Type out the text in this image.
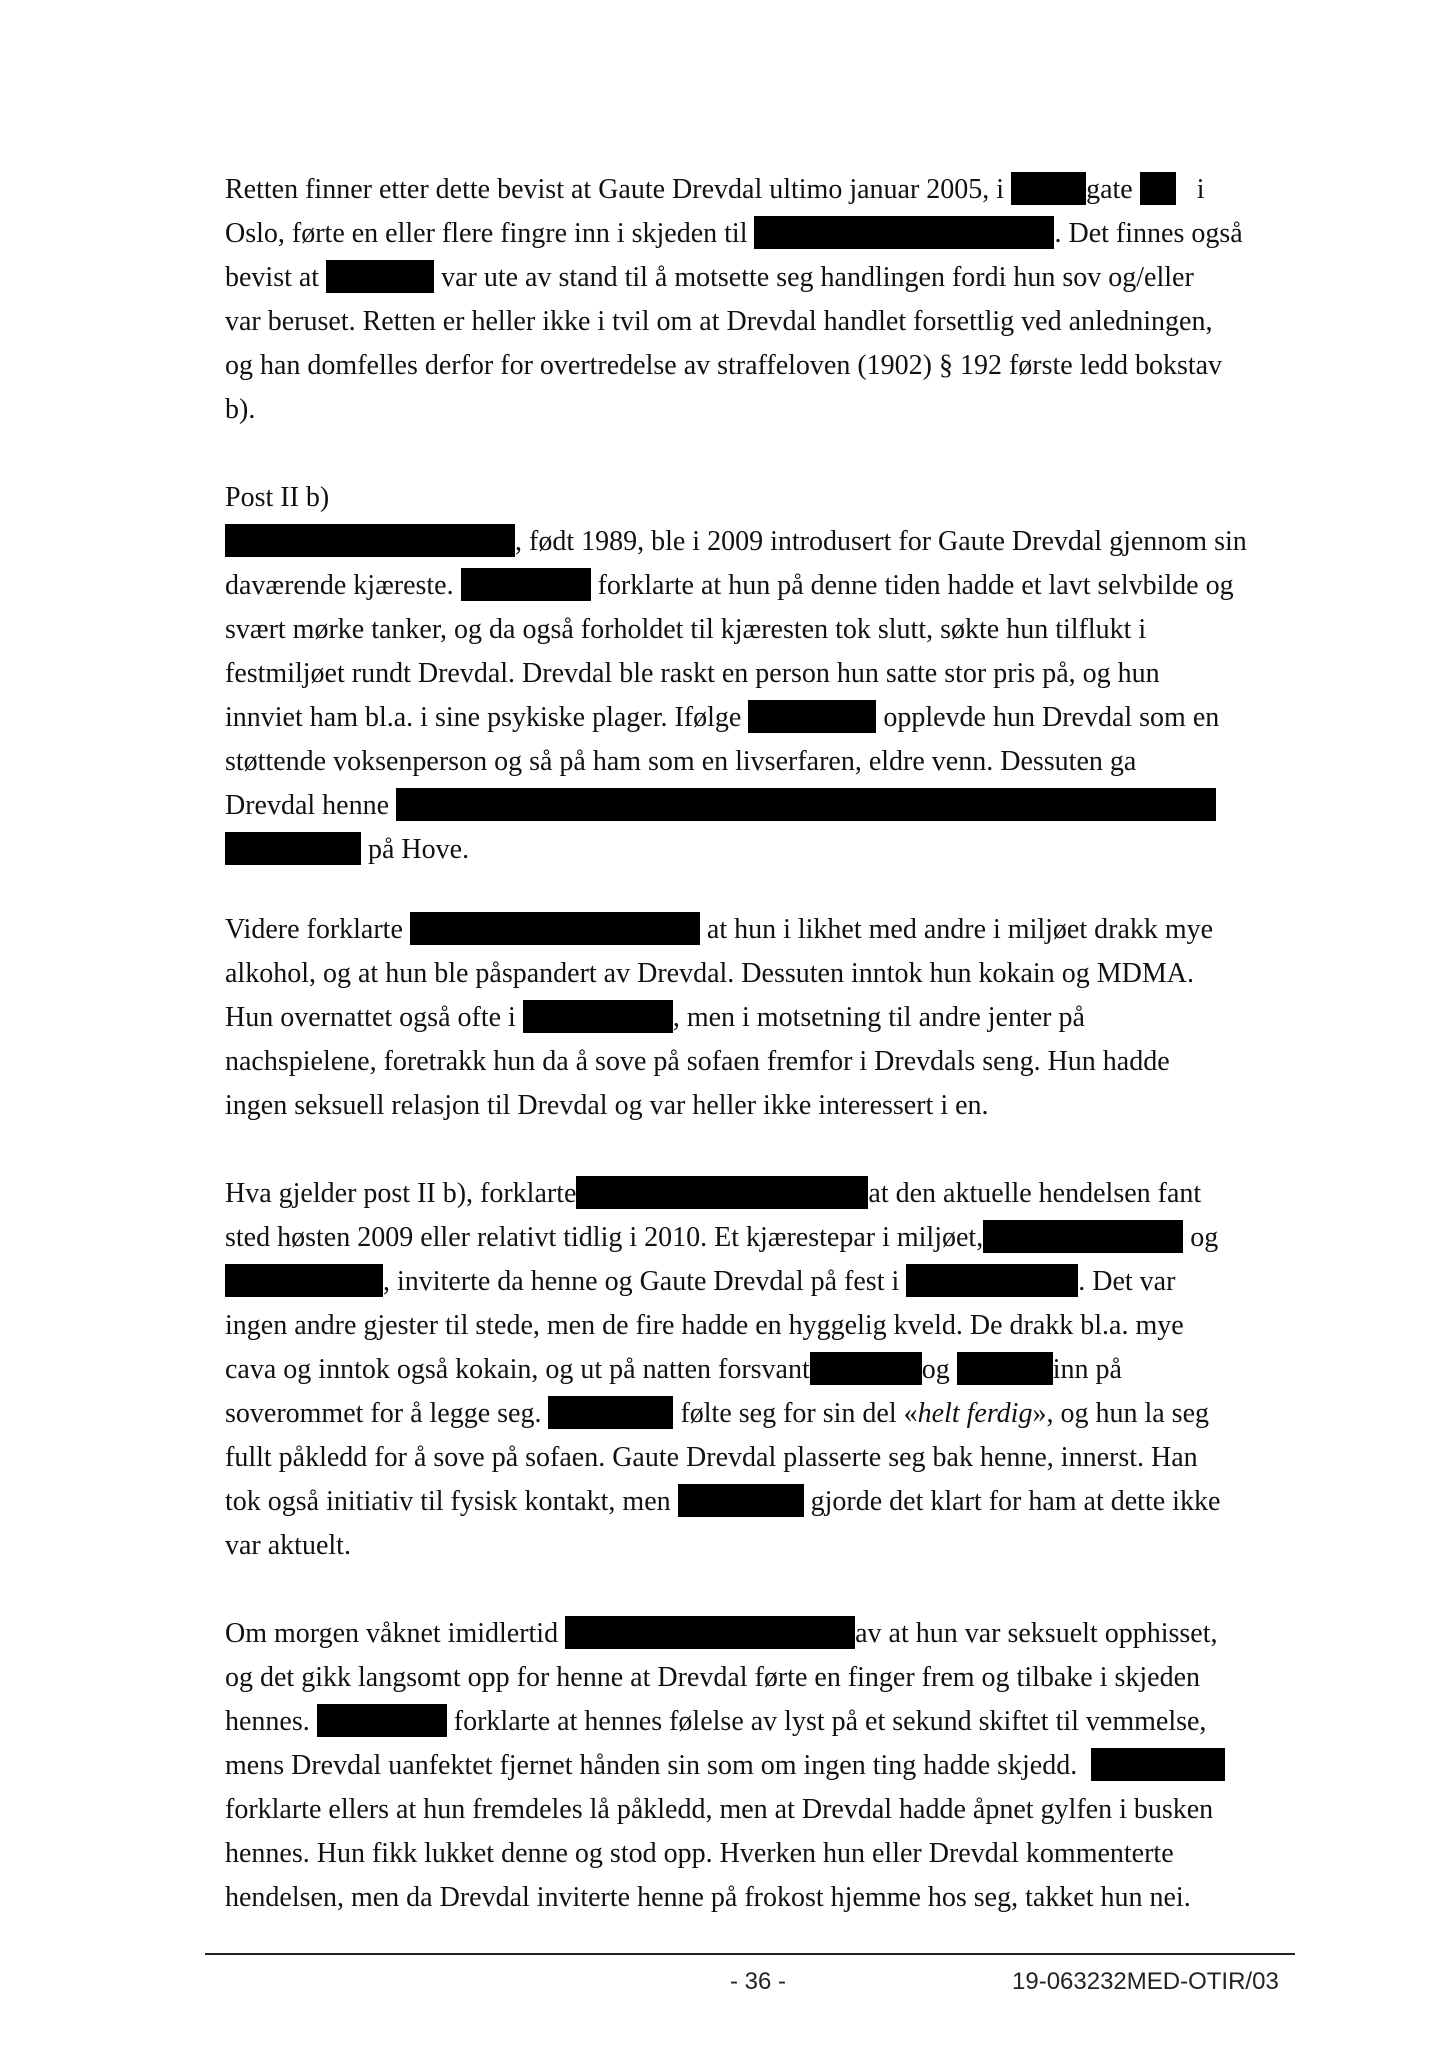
Retten finner etter dette bevist at Gaute Drevdal ultimo januar 2005, i	gate i
Oslo, førte en eller flere fingre inn i skjeden til	. Det finnes også
bevist at	var ute av stand til å motsette seg handlingen fordi hun sov og/eller
var beruset. Retten er heller ikke i tvil om at Drevdal handlet forsettlig ved anledningen,
og han domfelles derfor for overtredelse av straffeloven (1902) § 192 første ledd bokstav
b).
Post II b)
, født 1989, ble i 2009 introdusert for Gaute Drevdal gjennom sin
daværende kjæreste.	forklarte at hun på denne tiden hadde et lavt selvbilde og
svært mørke tanker, og da også forholdet til kjæresten tok slutt, søkte hun tilflukt i
festmiljøet rundt Drevdal. Drevdal ble raskt en person hun satte stor pris på, og hun
innviet ham bl.a. i sine psykiske plager. Ifølge	opplevde hun Drevdal som en
støttende voksenperson og så på ham som en livserfaren, eldre venn. Dessuten ga
Drevdal henne
på Hove.
Videre forklarte	at hun i likhet med andre i miljøet drakk mye
alkohol, og at hun ble påspandert av Drevdal. Dessuten inntok hun kokain og MDMA.
Hun overnattet også ofte i	, men i motsetning til andre jenter på
nachspielene, foretrakk hun da å sove på sofaen fremfor i Drevdals seng. Hun hadde
ingen seksuell relasjon til Drevdal og var heller ikke interessert i en.
Hva gjelder post II b), forklarte	at den aktuelle hendelsen fant
sted høsten 2009 eller relativt tidlig i 2010. Et kjærestepar i miljøet,	og
, inviterte da henne og Gaute Drevdal på fest i	. Det var
ingen andre gjester til stede, men de fire hadde en hyggelig kveld. De drakk bl.a. mye
cava og inntok også kokain, og ut på natten forsvant	og	inn på
soverommet for å legge seg.	følte seg for sin del «helt ferdig», og hun la seg
fullt påkledd for å sove på sofaen. Gaute Drevdal plasserte seg bak henne, innerst. Han
tok også initiativ til fysisk kontakt, men	gjorde det klart for ham at dette ikke
var aktuelt.
Om morgen våknet imidlertid	av at hun var seksuelt opphisset,
og det gikk langsomt opp for henne at Drevdal førte en finger frem og tilbake i skjeden
hennes.	forklarte at hennes følelse av lyst på et sekund skiftet til vemmelse,
mens Drevdal uanfektet fjernet hånden sin som om ingen ting hadde skjedd.
forklarte ellers at hun fremdeles lå påkledd, men at Drevdal hadde åpnet gylfen i busken
hennes. Hun fikk lukket denne og stod opp. Hverken hun eller Drevdal kommenterte
hendelsen, men da Drevdal inviterte henne på frokost hjemme hos seg, takket hun nei.
- 36 -	19-063232MED-OTIR/03
